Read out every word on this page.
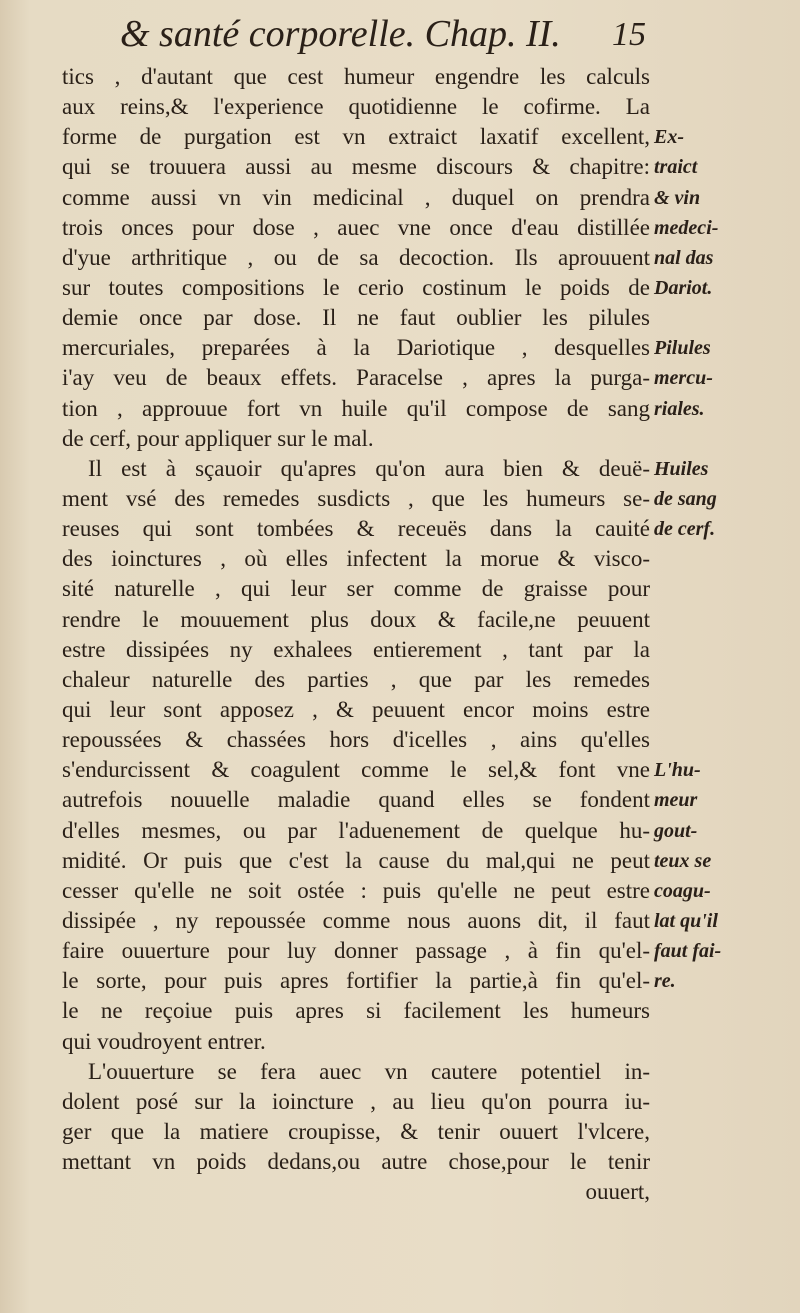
& santé corporelle. Chap. II. 15
tics , d'autant que cest humeur engendre les calculs
aux reins,& l'experience quotidienne le cofirme. La
forme de purgation est vn extraict laxatif excellent,
qui se trouuera aussi au mesme discours & chapitre:
comme aussi vn vin medicinal , duquel on prendra
trois onces pour dose , auec vne once d'eau distillée
d'yue arthritique , ou de sa decoction. Ils aprouuent
sur toutes compositions le cerio costinum le poids de
demie once par dose. Il ne faut oublier les pilules
mercuriales, preparées à la Dariotique , desquelles
i'ay veu de beaux effets. Paracelse , apres la purga-
tion , approuue fort vn huile qu'il compose de sang
de cerf, pour appliquer sur le mal.
Il est à sçauoir qu'apres qu'on aura bien & deuë-
ment vsé des remedes susdicts , que les humeurs se-
reuses qui sont tombées & receuës dans la cauité
des ioinctures , où elles infectent la morue & visco-
sité naturelle , qui leur ser comme de graisse pour
rendre le mouuement plus doux & facile,ne peuuent
estre dissipées ny exhalees entierement , tant par la
chaleur naturelle des parties , que par les remedes
qui leur sont apposez , & peuuent encor moins estre
repoussées & chassées hors d'icelles , ains qu'elles
s'endurcissent & coagulent comme le sel,& font vne
autrefois nouuelle maladie quand elles se fondent
d'elles mesmes, ou par l'aduenement de quelque hu-
midité. Or puis que c'est la cause du mal,qui ne peut
cesser qu'elle ne soit ostée : puis qu'elle ne peut estre
dissipée , ny repoussée comme nous auons dit, il faut
faire ouuerture pour luy donner passage , à fin qu'el-
le sorte, pour puis apres fortifier la partie,à fin qu'el-
le ne reçoiue puis apres si facilement les humeurs
qui voudroyent entrer.
L'ouuerture se fera auec vn cautere potentiel in-
dolent posé sur la ioincture , au lieu qu'on pourra iu-
ger que la matiere croupisse, & tenir ouuert l'vlcere,
mettant vn poids dedans,ou autre chose,pour le tenir
ouuert,
Ex-
traict
& vin
medeci-
nal das
Dariot.
Pilules
mercu-
riales.
Huiles
de sang
de cerf.
L'hu-
meur
gout-
teux se
coagu-
lat qu'il
faut fai-
re.
